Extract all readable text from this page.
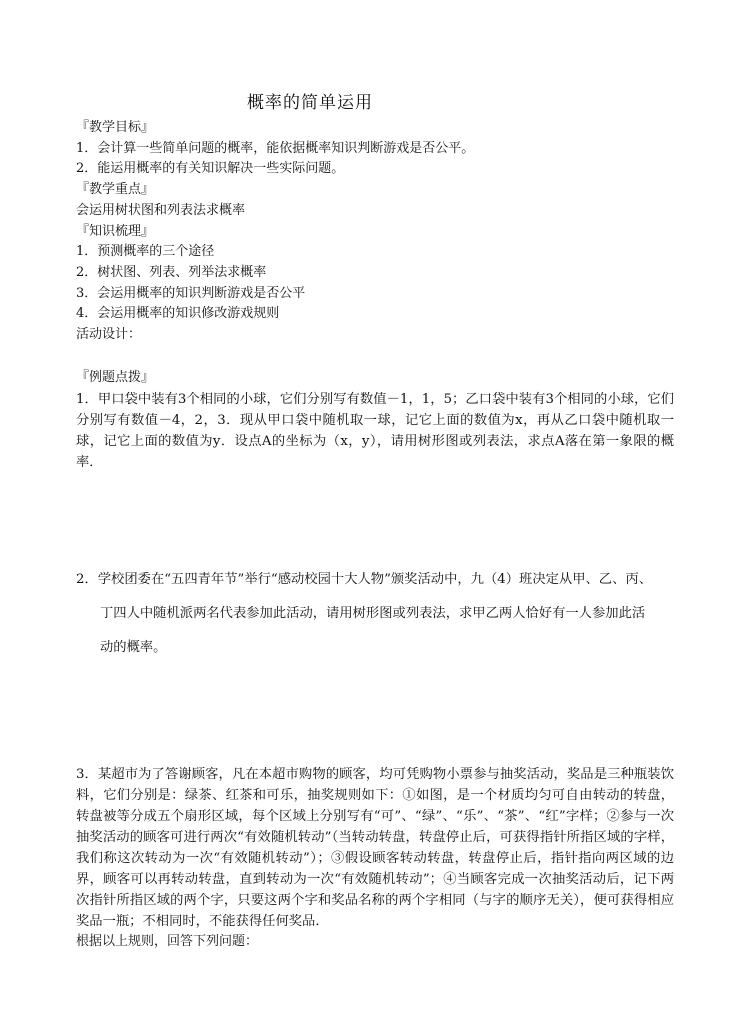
概率的简单运用

『教学目标』

1．会计算一些简单问题的概率，能依据概率知识判断游戏是否公平。

2．能运用概率的有关知识解决一些实际问题。

『教学重点』

会运用树状图和列表法求概率

『知识梳理』

1．预测概率的三个途径

2．树状图、列表、列举法求概率

3．会运用概率的知识判断游戏是否公平

4．会运用概率的知识修改游戏规则

活动设计：

『例题点拨』

1．甲口袋中装有3个相同的小球，它们分别写有数值－1，1，5；乙口袋中装有3个相同的小球，它们分别写有数值－4，2，3．现从甲口袋中随机取一球，记它上面的数值为x，再从乙口袋中随机取一球，记它上面的数值为y．设点A的坐标为（x，y），请用树形图或列表法，求点A落在第一象限的概率．

2．学校团委在“五四青年节”举行“感动校园十大人物”颁奖活动中，九（4）班决定从甲、乙、丙、

丁四人中随机派两名代表参加此活动，请用树形图或列表法，求甲乙两人恰好有一人参加此活

动的概率。

3．某超市为了答谢顾客，凡在本超市购物的顾客，均可凭购物小票参与抽奖活动，奖品是三种瓶装饮料，它们分别是：绿茶、红茶和可乐，抽奖规则如下：①如图，是一个材质均匀可自由转动的转盘，转盘被等分成五个扇形区域，每个区域上分别写有“可”、“绿”、“乐”、“茶”、“红”字样；②参与一次抽奖活动的顾客可进行两次“有效随机转动”（当转动转盘，转盘停止后，可获得指针所指区域的字样，我们称这次转动为一次“有效随机转动”）；③假设顾客转动转盘，转盘停止后，指针指向两区域的边界，顾客可以再转动转盘，直到转动为一次“有效随机转动”；④当顾客完成一次抽奖活动后，记下两次指针所指区域的两个字，只要这两个字和奖品名称的两个字相同（与字的顺序无关），便可获得相应奖品一瓶；不相同时，不能获得任何奖品．

根据以上规则，回答下列问题：
